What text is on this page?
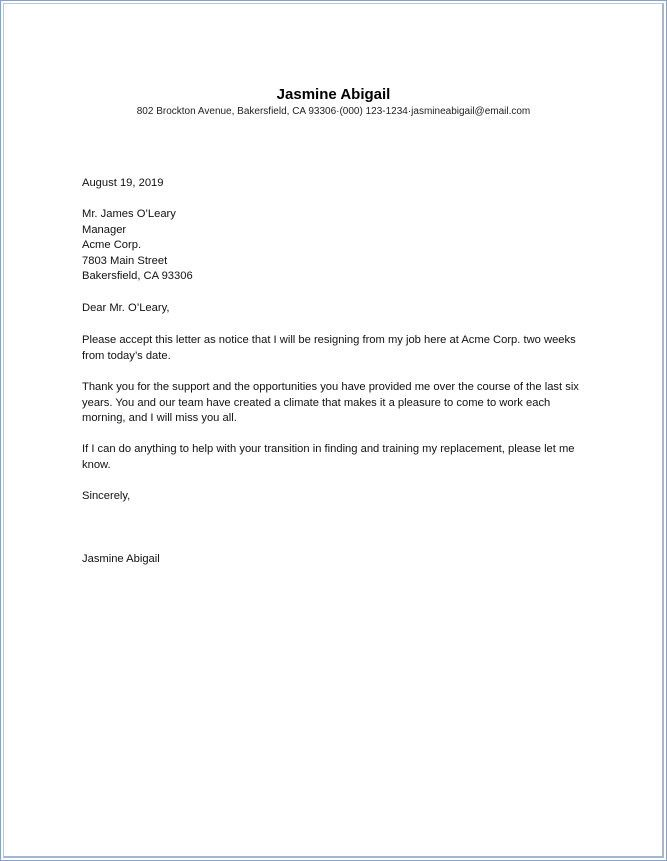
Jasmine Abigail
802 Brockton Avenue, Bakersfield, CA 93306·(000) 123-1234·jasmineabigail@email.com
August 19, 2019
Mr. James O’Leary
Manager
Acme Corp.
7803 Main Street
Bakersfield, CA 93306
Dear Mr. O’Leary,
Please accept this letter as notice that I will be resigning from my job here at Acme Corp. two weeks from today’s date.
Thank you for the support and the opportunities you have provided me over the course of the last six years. You and our team have created a climate that makes it a pleasure to come to work each morning, and I will miss you all.
If I can do anything to help with your transition in finding and training my replacement, please let me know.
Sincerely,
Jasmine Abigail
